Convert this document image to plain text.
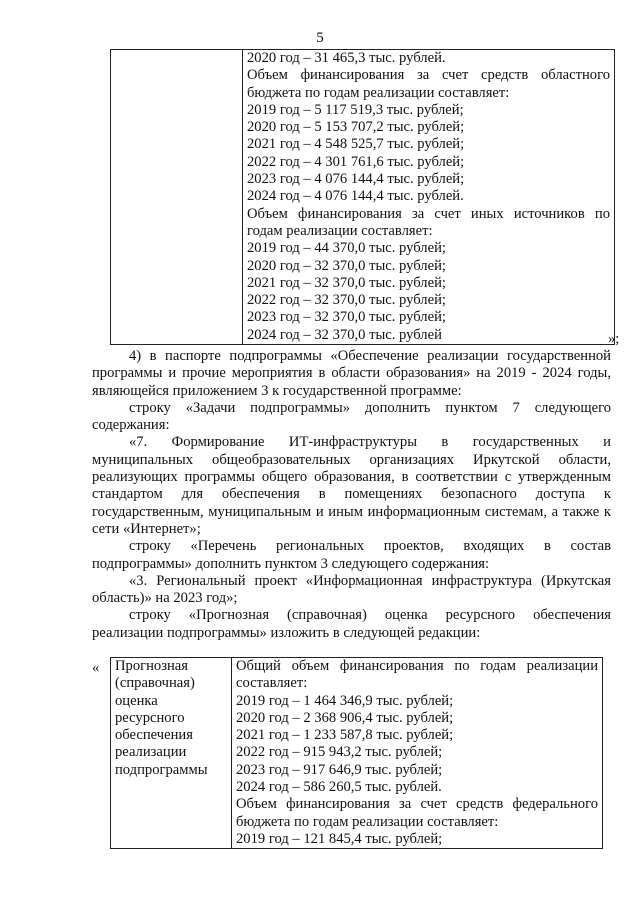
5

2020 год – 31 465,3 тыс. рублей.
Объем финансирования за счет средств областного
бюджета по годам реализации составляет:
2019 год – 5 117 519,3 тыс. рублей;
2020 год – 5 153 707,2 тыс. рублей;
2021 год – 4 548 525,7 тыс. рублей;
2022 год – 4 301 761,6 тыс. рублей;
2023 год – 4 076 144,4 тыс. рублей;
2024 год – 4 076 144,4 тыс. рублей.
Объем финансирования за счет иных источников по
годам реализации составляет:
2019 год – 44 370,0 тыс. рублей;
2020 год – 32 370,0 тыс. рублей;
2021 год – 32 370,0 тыс. рублей;
2022 год – 32 370,0 тыс. рублей;
2023 год – 32 370,0 тыс. рублей;
2024 год – 32 370,0 тыс. рублей	»;

4) в паспорте подпрограммы «Обеспечение реализации государственной программы и прочие мероприятия в области образования» на 2019 - 2024 годы, являющейся приложением 3 к государственной программе:

строку «Задачи подпрограммы» дополнить пунктом 7 следующего содержания:

«7. Формирование ИТ-инфраструктуры в государственных и муниципальных общеобразовательных организациях Иркутской области, реализующих программы общего образования, в соответствии с утвержденным стандартом для обеспечения в помещениях безопасного доступа к государственным, муниципальным и иным информационным системам, а также к сети «Интернет»;

строку «Перечень региональных проектов, входящих в состав подпрограммы» дополнить пунктом 3 следующего содержания:

«3. Региональный проект «Информационная инфраструктура (Иркутская область)» на 2023 год»;

строку «Прогнозная (справочная) оценка ресурсного обеспечения реализации подпрограммы» изложить в следующей редакции:

« Прогнозная
(справочная)
оценка
ресурсного
обеспечения
реализации
подпрограммы

Общий объем финансирования по годам реализации
составляет:
2019 год – 1 464 346,9 тыс. рублей;
2020 год – 2 368 906,4 тыс. рублей;
2021 год – 1 233 587,8 тыс. рублей;
2022 год – 915 943,2 тыс. рублей;
2023 год – 917 646,9 тыс. рублей;
2024 год – 586 260,5 тыс. рублей.
Объем финансирования за счет средств федерального
бюджета по годам реализации составляет:
2019 год – 121 845,4 тыс. рублей;
